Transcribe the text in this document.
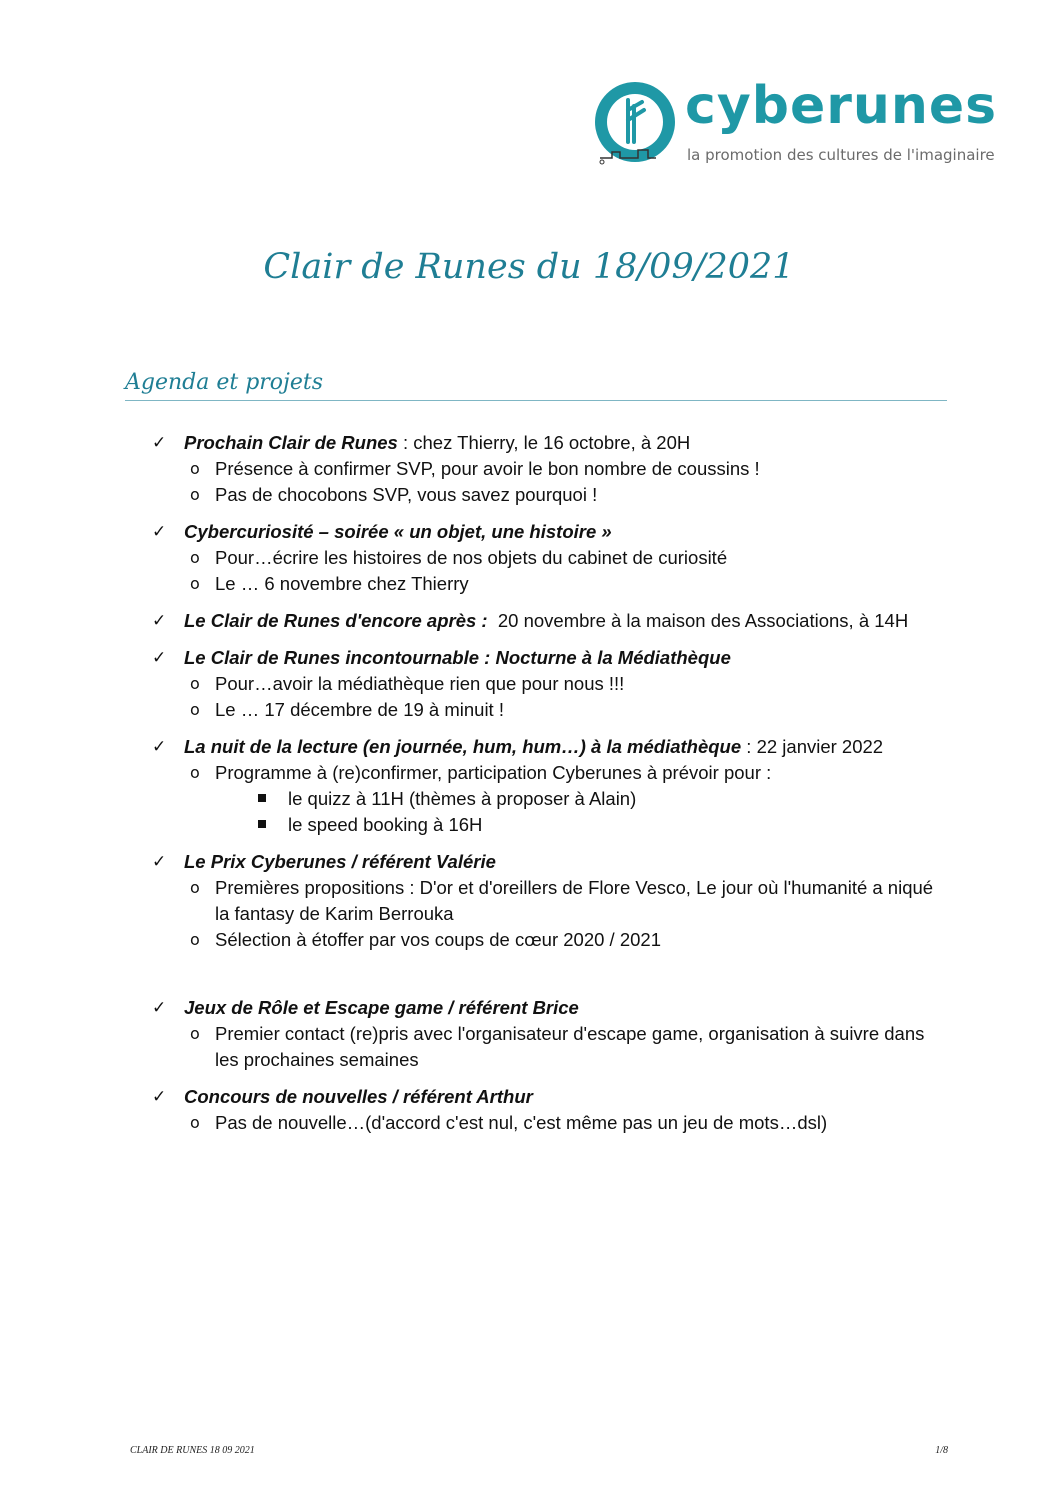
cyberunes
la promotion des cultures de l'imaginaire
Clair de Runes du 18/09/2021
Agenda et projets
✓ Prochain Clair de Runes : chez Thierry, le 16 octobre, à 20H
o Présence à confirmer SVP, pour avoir le bon nombre de coussins !
o Pas de chocobons SVP, vous savez pourquoi !
✓ Cybercuriosité – soirée « un objet, une histoire »
o Pour…écrire les histoires de nos objets du cabinet de curiosité
o Le … 6 novembre chez Thierry
✓ Le Clair de Runes d'encore après :  20 novembre à la maison des Associations, à 14H
✓ Le Clair de Runes incontournable : Nocturne à la Médiathèque
o Pour…avoir la médiathèque rien que pour nous !!!
o Le … 17 décembre de 19 à minuit !
✓ La nuit de la lecture (en journée, hum, hum…) à la médiathèque : 22 janvier 2022
o Programme à (re)confirmer, participation Cyberunes à prévoir pour :
le quizz à 11H (thèmes à proposer à Alain)
le speed booking à 16H
✓ Le Prix Cyberunes / référent Valérie
o Premières propositions : D'or et d'oreillers de Flore Vesco, Le jour où l'humanité a niqué la fantasy de Karim Berrouka
o Sélection à étoffer par vos coups de cœur 2020 / 2021
✓ Jeux de Rôle et Escape game / référent Brice
o Premier contact (re)pris avec l'organisateur d'escape game, organisation à suivre dans les prochaines semaines
✓ Concours de nouvelles / référent Arthur
o Pas de nouvelle…(d'accord c'est nul, c'est même pas un jeu de mots…dsl)
CLAIR DE RUNES 18 09 2021	1/8
